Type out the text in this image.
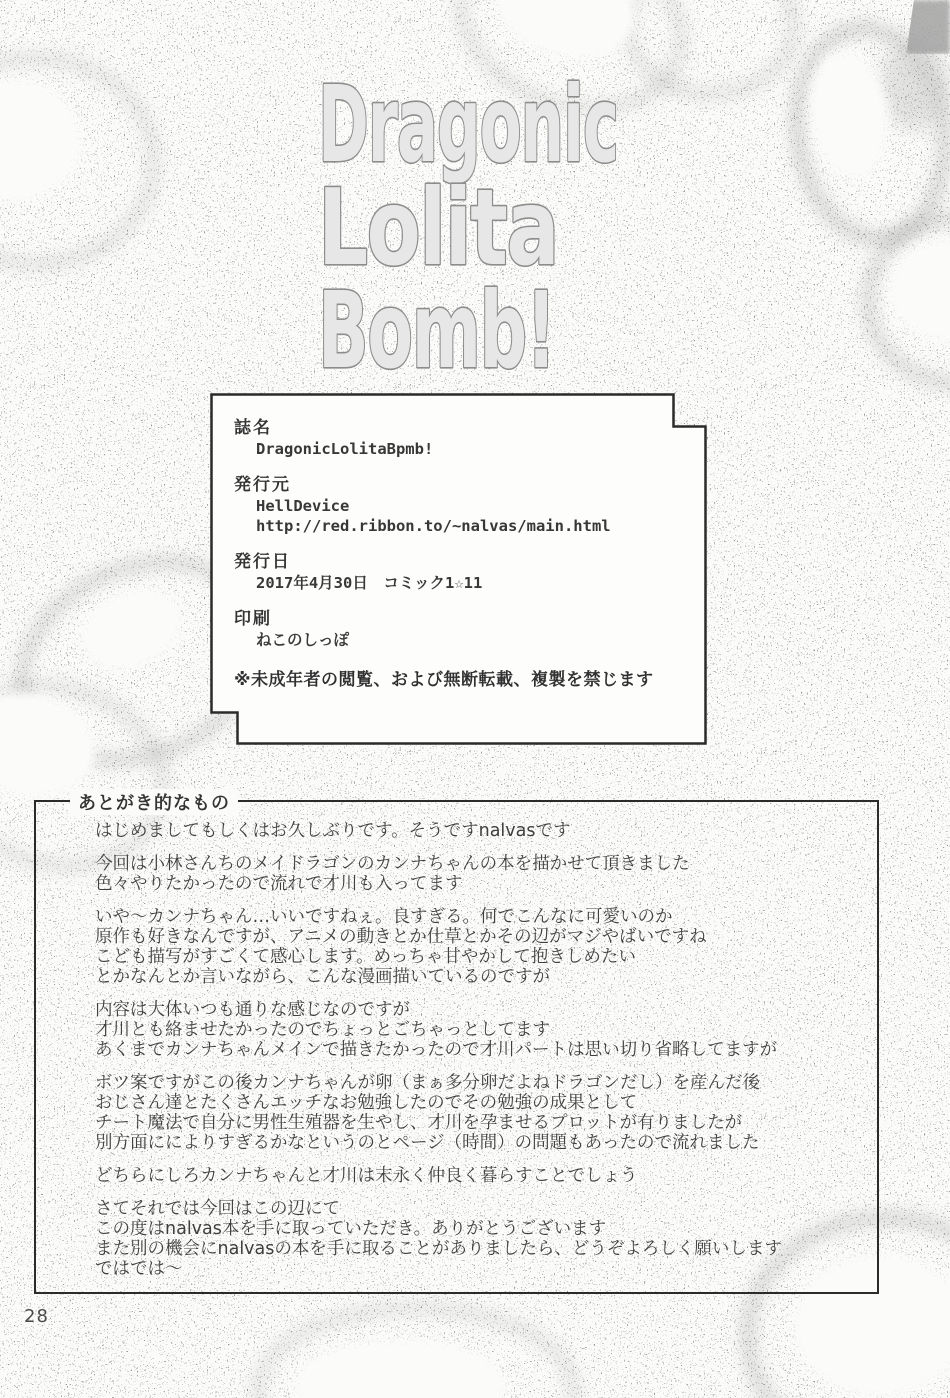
Dragonic
Lolita
Bomb!
誌名
DragonicLolitaBpmb!
発行元
HellDevice
http://red.ribbon.to/~nalvas/main.html
発行日
2017年4月30日　コミック1☆11
印刷
ねこのしっぽ
※未成年者の閲覧、および無断転載、複製を禁じます
あとがき的なもの

はじめましてもしくはお久しぶりです。そうですnalvasです

今回は小林さんちのメイドラゴンのカンナちゃんの本を描かせて頂きました
色々やりたかったので流れで才川も入ってます

いや～カンナちゃん…いいですねぇ。良すぎる。何でこんなに可愛いのか
原作も好きなんですが、アニメの動きとか仕草とかその辺がマジやばいですね
こども描写がすごくて感心します。めっちゃ甘やかして抱きしめたい
とかなんとか言いながら、こんな漫画描いているのですが

内容は大体いつも通りな感じなのですが
才川とも絡ませたかったのでちょっとごちゃっとしてます
あくまでカンナちゃんメインで描きたかったので才川パートは思い切り省略してますが

ボツ案ですがこの後カンナちゃんが卵（まぁ多分卵だよねドラゴンだし）を産んだ後
おじさん達とたくさんエッチなお勉強したのでその勉強の成果として
チート魔法で自分に男性生殖器を生やし、才川を孕ませるプロットが有りましたが
別方面にによりすぎるかなというのとページ（時間）の問題もあったので流れました

どちらにしろカンナちゃんと才川は末永く仲良く暮らすことでしょう

さてそれでは今回はこの辺にて
この度はnalvas本を手に取っていただき。ありがとうございます
また別の機会にnalvasの本を手に取ることがありましたら、どうぞよろしく願いします
ではでは～

28
